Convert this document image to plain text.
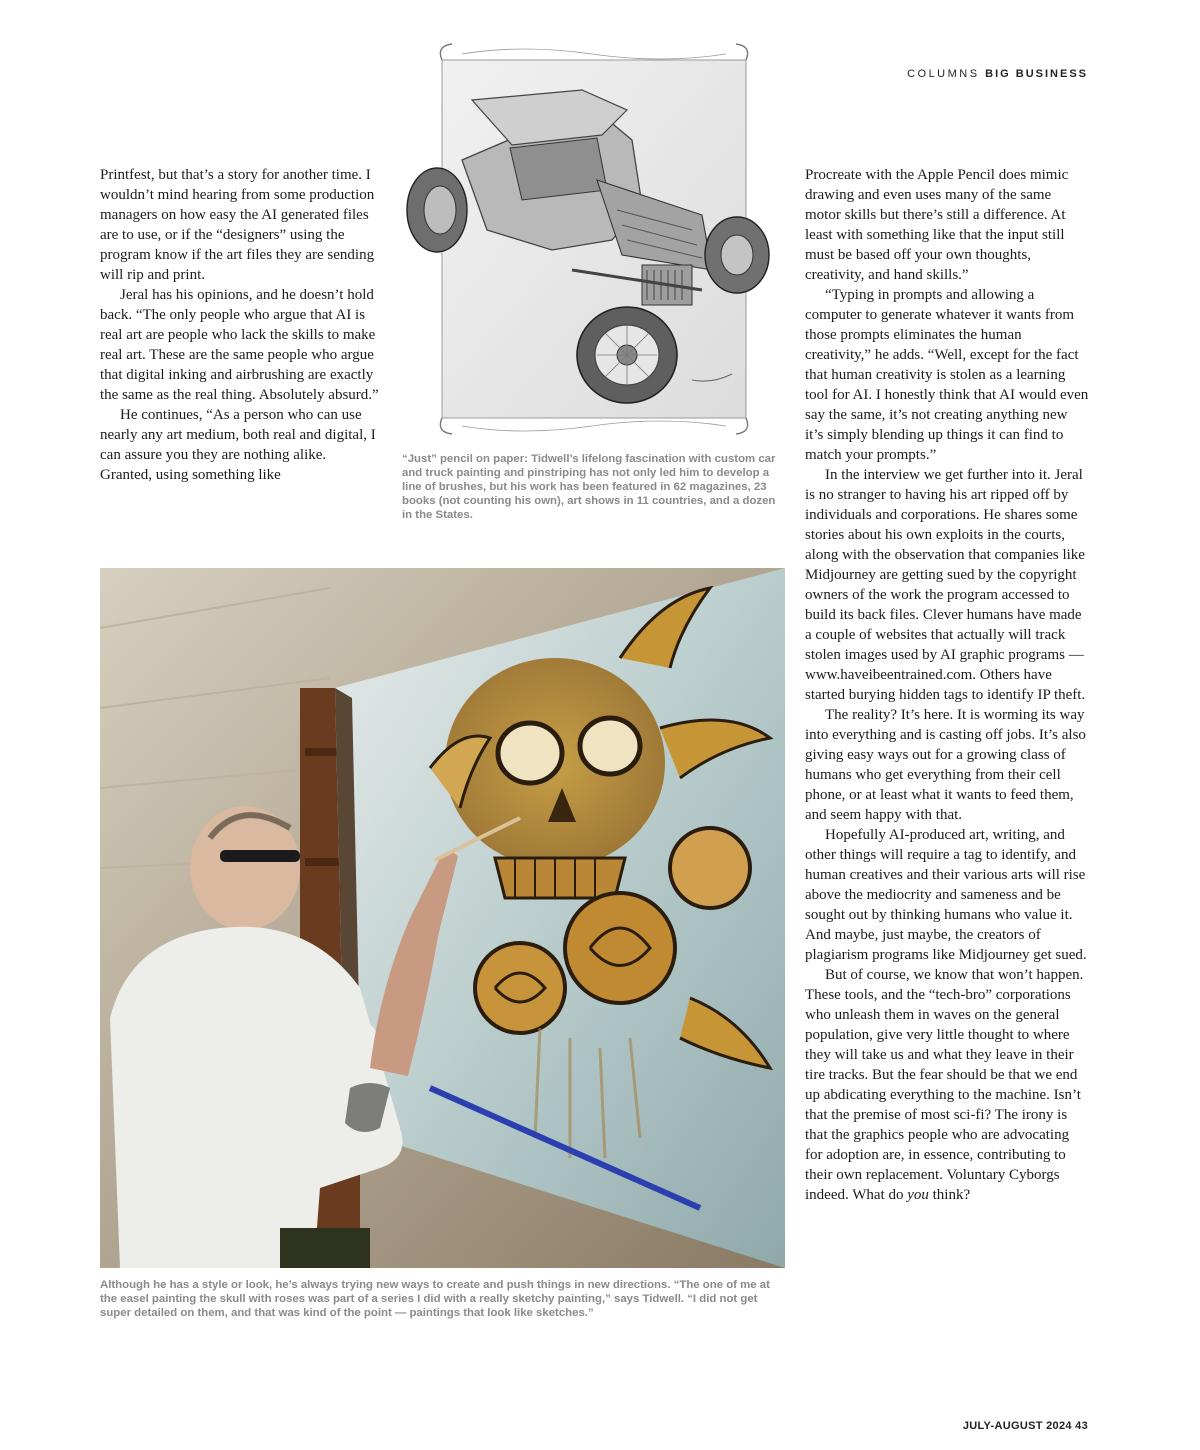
COLUMNS BIG BUSINESS

Printfest, but that’s a story for another time. I wouldn’t mind hearing from some production managers on how easy the AI generated files are to use, or if the “designers” using the program know if the art files they are sending will rip and print.

Jeral has his opinions, and he doesn’t hold back. “The only people who argue that AI is real art are people who lack the skills to make real art. These are the same people who argue that digital inking and airbrushing are exactly the same as the real thing. Absolutely absurd.”

He continues, “As a person who can use nearly any art medium, both real and digital, I can assure you they are nothing alike. Granted, using something like

“Just” pencil on paper: Tidwell’s lifelong fascination with custom car and truck painting and pinstriping has not only led him to develop a line of brushes, but his work has been featured in 62 magazines, 23 books (not counting his own), art shows in 11 countries, and a dozen in the States.
Although he has a style or look, he’s always trying new ways to create and push things in new directions. “The one of me at the easel painting the skull with roses was part of a series I did with a really sketchy painting,” says Tidwell. “I did not get super detailed on them, and that was kind of the point — paintings that look like sketches.”

Procreate with the Apple Pencil does mimic drawing and even uses many of the same motor skills but there’s still a difference. At least with something like that the input still must be based off your own thoughts, creativity, and hand skills.”

“Typing in prompts and allowing a computer to generate whatever it wants from those prompts eliminates the human creativity,” he adds. “Well, except for the fact that human creativity is stolen as a learning tool for AI. I honestly think that AI would even say the same, it’s not creating anything new it’s simply blending up things it can find to match your prompts.”

In the interview we get further into it. Jeral is no stranger to having his art ripped off by individuals and corporations. He shares some stories about his own exploits in the courts, along with the observation that companies like Midjourney are getting sued by the copyright owners of the work the program accessed to build its back files. Clever humans have made a couple of websites that actually will track stolen images used by AI graphic programs — www.haveibeentrained.com. Others have started burying hidden tags to identify IP theft.

The reality? It’s here. It is worming its way into everything and is casting off jobs. It’s also giving easy ways out for a growing class of humans who get everything from their cell phone, or at least what it wants to feed them, and seem happy with that.

Hopefully AI-produced art, writing, and other things will require a tag to identify, and human creatives and their various arts will rise above the mediocrity and sameness and be sought out by thinking humans who value it. And maybe, just maybe, the creators of plagiarism programs like Midjourney get sued.

But of course, we know that won’t happen. These tools, and the “tech-bro” corporations who unleash them in waves on the general population, give very little thought to where they will take us and what they leave in their tire tracks. But the fear should be that we end up abdicating everything to the machine. Isn’t that the premise of most sci-fi? The irony is that the graphics people who are advocating for adoption are, in essence, contributing to their own replacement. Voluntary Cyborgs indeed. What do you think?

JULY-AUGUST 2024 43
